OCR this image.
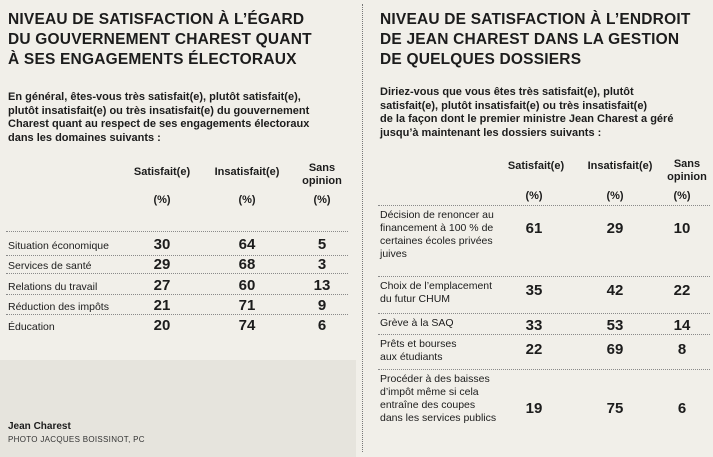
NIVEAU DE SATISFACTION À L’ÉGARD
DU GOUVERNEMENT CHAREST QUANT
À SES ENGAGEMENTS ÉLECTORAUX
En général, êtes-vous très satisfait(e), plutôt satisfait(e),
plutôt insatisfait(e) ou très insatisfait(e) du gouvernement
Charest quant au respect de ses engagements électoraux
dans les domaines suivants :
Satisfait(e)	Insatisfait(e)	Sans opinion
(%)	(%)	(%)
Situation économique	30	64	5
Services de santé	29	68	3
Relations du travail	27	60	13
Réduction des impôts	21	71	9
Éducation	20	74	6
Jean Charest
PHOTO JACQUES BOISSINOT, PC
NIVEAU DE SATISFACTION À L’ENDROIT
DE JEAN CHAREST DANS LA GESTION
DE QUELQUES DOSSIERS
Diriez-vous que vous êtes très satisfait(e), plutôt
satisfait(e), plutôt insatisfait(e) ou très insatisfait(e)
de la façon dont le premier ministre Jean Charest a géré
jusqu’à maintenant les dossiers suivants :
Satisfait(e)	Insatisfait(e)	Sans opinion
(%)	(%)	(%)
Décision de renoncer au
financement à 100 % de
certaines écoles privées
juives
61	29	10
Choix de l’emplacement
du futur CHUM	35	42	22
Grève à la SAQ	33	53	14
Prêts et bourses
aux étudiants	22	69	8
Procéder à des baisses
d’impôt même si cela
entraîne des coupes
dans les services publics
19	75	6
